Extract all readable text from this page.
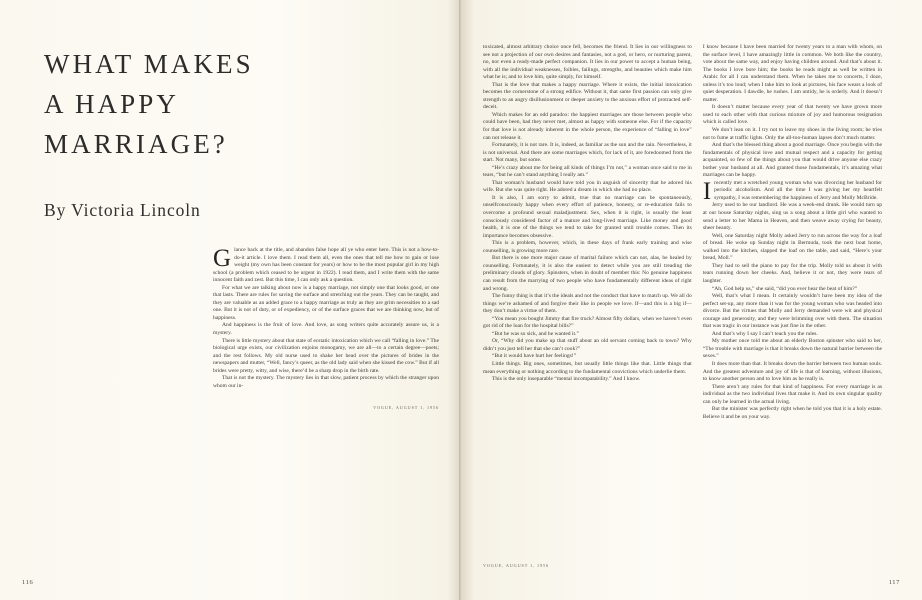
WHAT MAKES
A HAPPY
MARRIAGE?
By Victoria Lincoln

Glance back at the title, and abandon false hope all ye who enter here. This is not a how-to-do-it article. I love them. I read them all, even the ones that tell me how to gain or lose weight (my own has been constant for years) or how to be the most popular girl in my high school (a problem which ceased to be urgent in 1922). I read them, and I write them with the same innocent faith and zest. But this time, I can only ask a question.

For what we are talking about now is a happy marriage, not simply one that looks good, or one that lasts. There are rules for saving the surface and stretching out the years. They can be taught, and they are valuable as an added grace to a happy marriage as truly as they are grim necessities to a sad one. But it is not of duty, or of expediency, or of the surface graces that we are thinking now, but of happiness.

And happiness is the fruit of love. And love, as song writers quite accurately assure us, is a mystery.

There is little mystery about that state of ecstatic intoxication which we call “falling in love.” The biological urge exists, our civilization enjoins monogamy, we are all—to a certain degree—poets; and the rest follows. My old nurse used to shake her head over the pictures of brides in the newspapers and mutter, “Well, fancy’s queer, as the old lady said when she kissed the cow.” But if all brides were pretty, witty, and wise, there’d be a sharp drop in the birth rate.

That is not the mystery. The mystery lies in that slow, patient process by which the stranger upon whom our in-

VOGUE, AUGUST 1, 1956
116

toxicated, almost arbitrary choice once fell, becomes the friend. It lies in our willingness to see not a projection of our own desires and fantasies, not a god, or hero, or nurturing parent, no, nor even a ready-made perfect companion. It lies in our power to accept a human being, with all the individual weaknesses, foibles, failings, strengths, and beauties which make him what he is; and to love him, quite simply, for himself.

That is the love that makes a happy marriage. Where it exists, the initial intoxication becomes the cornerstone of a strong edifice. Without it, that same first passion can only give strength to an angry disillusionment or deeper anxiety to the anxious effort of protracted self-deceit.

Which makes for an odd paradox: the happiest marriages are those between people who could have been, had they never met, almost as happy with someone else. For if the capacity for that love is not already inherent in the whole person, the experience of “falling in love” can not release it.

Fortunately, it is not rare. It is, indeed, as familiar as the sun and the rain. Nevertheless, it is not universal. And there are some marriages which, for lack of it, are foredoomed from the start. Not many, but some.

“He’s crazy about me for being all kinds of things I’m not,” a woman once said to me in tears, “but he can’t stand anything I really am.”

That woman’s husband would have told you in anguish of sincerity that he adored his wife. But she was quite right. He adored a dream in which she had no place.

It is also, I am sorry to admit, true that no marriage can be spontaneously, unselfconsciously happy when every effort of patience, honesty, or re-education fails to overcome a profound sexual maladjustment. Sex, when it is right, is usually the least consciously considered factor of a mature and long-lived marriage. Like money and good health, it is one of the things we tend to take for granted until trouble comes. Then its importance becomes obsessive.

This is a problem, however, which, in these days of frank early training and wise counselling, is growing more rare.

But there is one more major cause of marital failure which can not, alas, be healed by counselling. Fortunately, it is also the easiest to detect while you are still treading the preliminary clouds of glory. Spinsters, when in doubt of member this: No genuine happiness can result from the marrying of two people who have fundamentally different ideas of right and wrong.

The funny thing is that it’s the ideals and not the conduct that have to match up. We all do things we’re ashamed of and forgive their like in people we love. If—and this is a big if—they don’t make a virtue of them.

“You mean you bought Jimmy that fire truck? Almost fifty dollars, when we haven’t even got rid of the loan for the hospital bills?”

“But he was so sick, and he wanted it.”

Or, “Why did you make up that stuff about an old servant coming back to town? Why didn’t you just tell her that she can’t cook?”

“But it would have hurt her feelings!”

Little things. Big ones, sometimes, but usually little things like that. Little things that mean everything or nothing according to the fundamental convictions which underlie them.

This is the only inseparable “mental incompatability.” And I know.

I know because I have been married for twenty years to a man with whom, on the surface level, I have amazingly little in common. We both like the country, vote about the same way, and enjoy having children around. And that’s about it. The books I love bore him; the books he reads might as well be written in Arabic for all I can understand them. When he takes me to concerts, I doze, unless it’s too loud; when I take him to look at pictures, his face wears a look of quiet desperation. I dawdle, he rushes. I am untidy, he is orderly. And it doesn’t matter.

It doesn’t matter because every year of that twenty we have grown more used to each other with that curious mixture of joy and humorous resignation which is called love.

We don’t lean on it. I try not to leave my shoes in the living room; he tries not to fume at traffic lights. Only the all-too-human lapses don’t much matter.

And that’s the blessed thing about a good marriage. Once you begin with the fundamentals of physical love and mutual respect and a capacity for getting acquainted, so few of the things about you that would drive anyone else crazy bother your husband at all. And granted those fundamentals, it’s amazing what marriages can be happy.

Irecently met a wretched young woman who was divorcing her husband for periodic alcoholism. And all the time I was giving her my heartfelt sympathy, I was remembering the happiness of Jerry and Molly McBride.

Jerry used to be our landlord. He was a week-end drunk. He would turn up at our house Saturday nights, sing us a song about a little girl who wanted to send a letter to her Mama in Heaven, and then weave away crying for beauty, sheer beauty.

Well, one Saturday night Molly asked Jerry to run across the way for a loaf of bread. He woke up Sunday night in Bermuda, took the next boat home, walked into the kitchen, slapped the loaf on the table, and said, “Here’s your bread, Moll.”

They had to sell the piano to pay for the trip. Molly told us about it with tears running down her cheeks. And, believe it or not, they were tears of laughter.

“Ah, God help us,” she said, “did you ever hear the beat of him?”

Well, that’s what I mean. It certainly wouldn’t have been my idea of the perfect set-up, any more than it was for the young woman who was headed into divorce. But the virtues that Molly and Jerry demanded were wit and physical courage and generosity, and they were brimming over with them. The situation that was tragic in our instance was just fine in the other.

And that’s why I say I can’t teach you the rules.

My mother once told me about an elderly Boston spinster who said to her, “The trouble with marriage is that it breaks down the natural barrier between the sexes.”

It does more than that. It breaks down the barrier between two human souls. And the greatest adventure and joy of life is that of learning, without illusions, to know another person and to love him as he really is.

There aren’t any rules for that kind of happiness. For every marriage is as individual as the two individual lives that make it. And its own singular quality can only be learned in the actual living.

But the minister was perfectly right when he told you that it is a holy estate. Believe it and be on your way.

VOGUE, AUGUST 1, 1956
117
